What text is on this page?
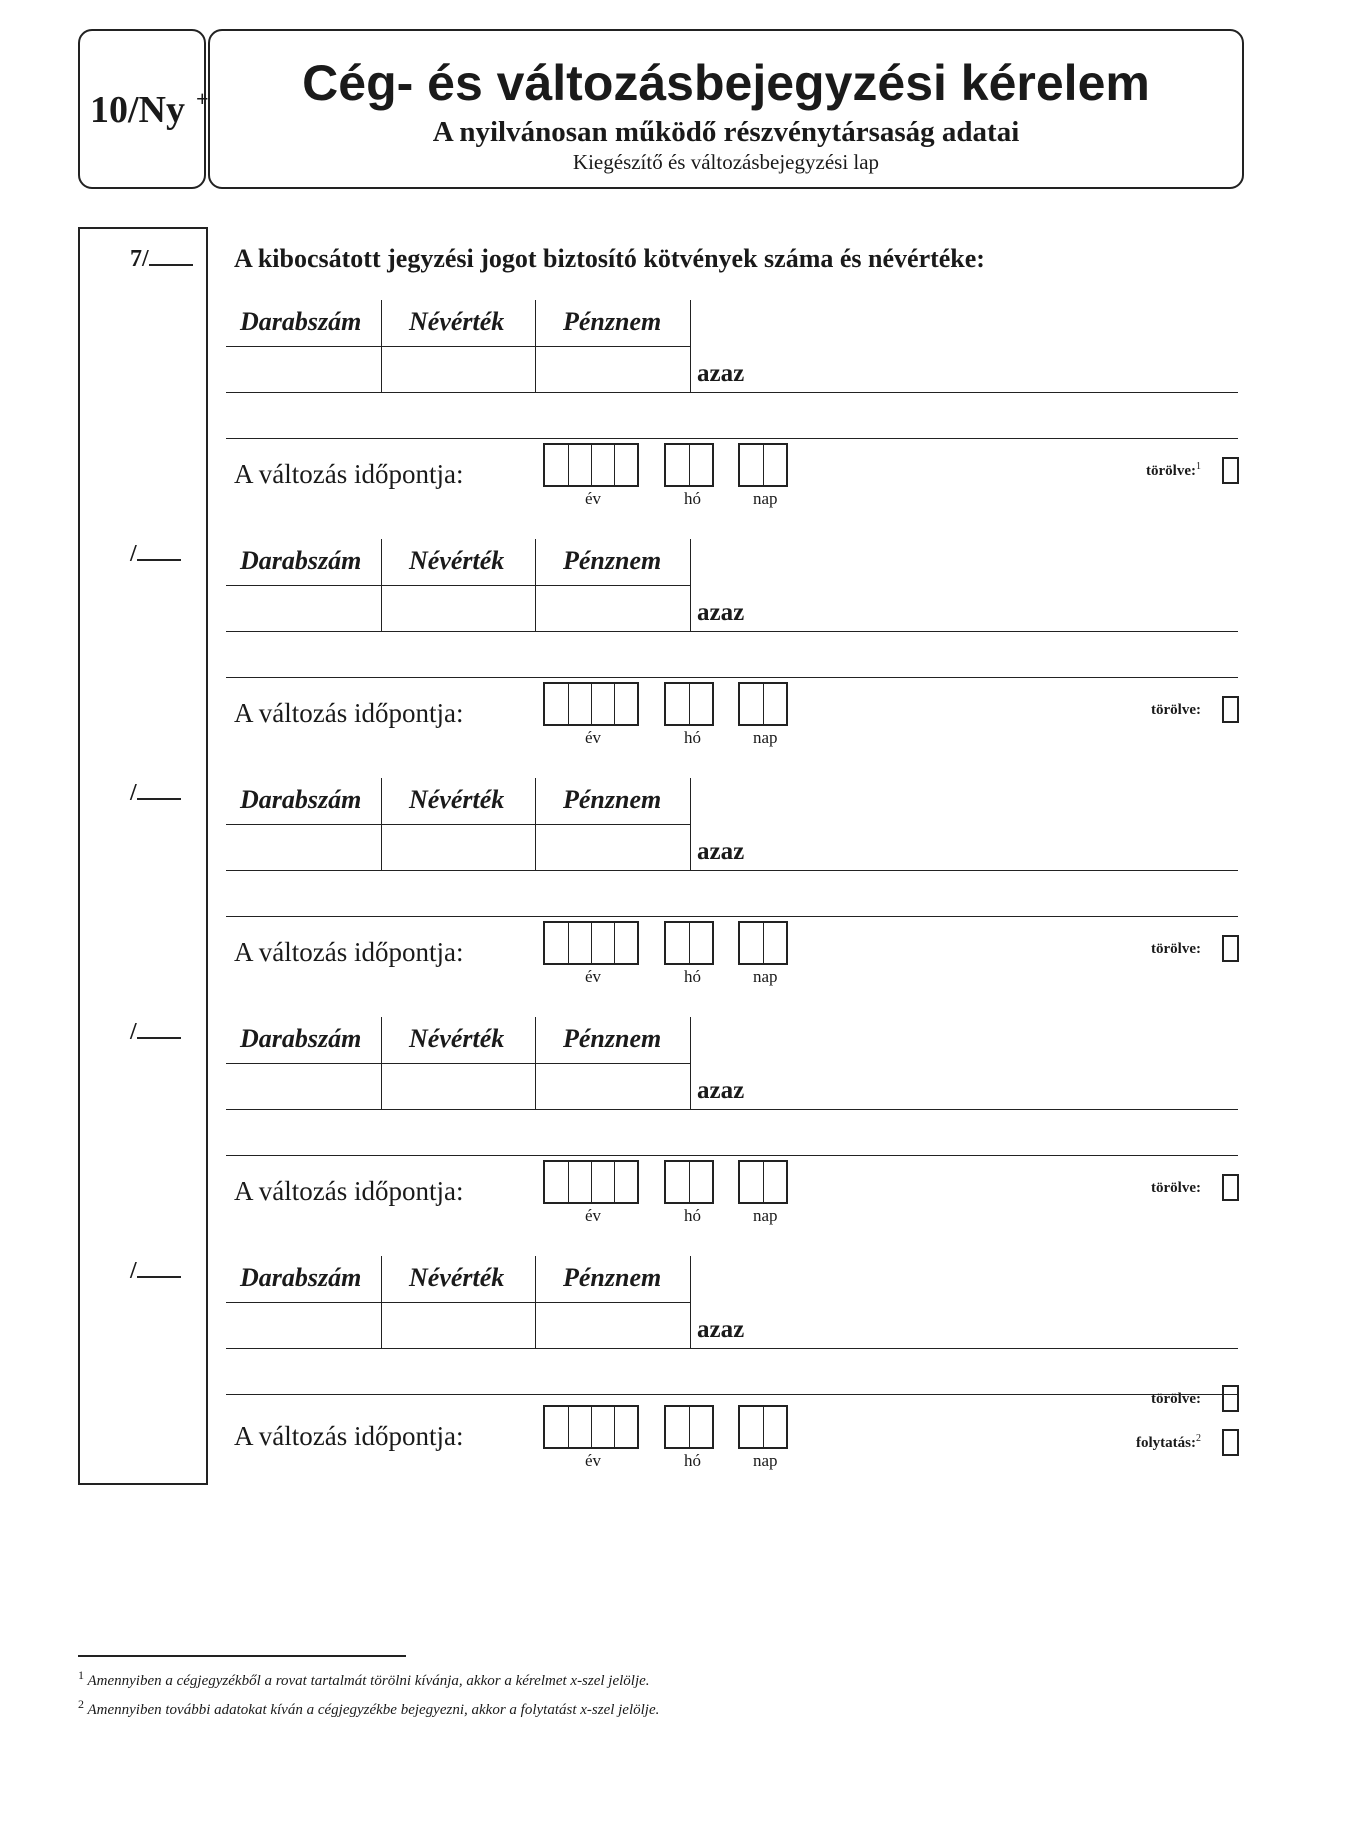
10/Ny +	Cég- és változásbejegyzési kérelem
A nyilvánosan működő részvénytársaság adatai
Kiegészítő és változásbejegyzési lap
A kibocsátott jegyzési jogot biztosító kötvények száma és névértéke:
7/
Darabszám Névérték Pénznem
azaz
A változás időpontja:
év	hó	nap
törölve:$^1$
/	Darabszám Névérték Pénznem
azaz
A változás időpontja:
év	hó	nap
törölve:
/	Darabszám Névérték Pénznem
azaz
A változás időpontja:
év	hó	nap
törölve:
/	Darabszám Névérték Pénznem
azaz
A változás időpontja:
év	hó	nap
törölve:
/	Darabszám Névérték Pénznem
azaz
A változás időpontja:
év	hó	nap
törölve:
folytatás:$^2$
$^1$ Amennyiben a cégjegyzékből a rovat tartalmát törölni kívánja, akkor a kérelmet x-szel jelölje.
$^2$ Amennyiben további adatokat kíván a cégjegyzékbe bejegyezni, akkor a folytatást x-szel jelölje.
